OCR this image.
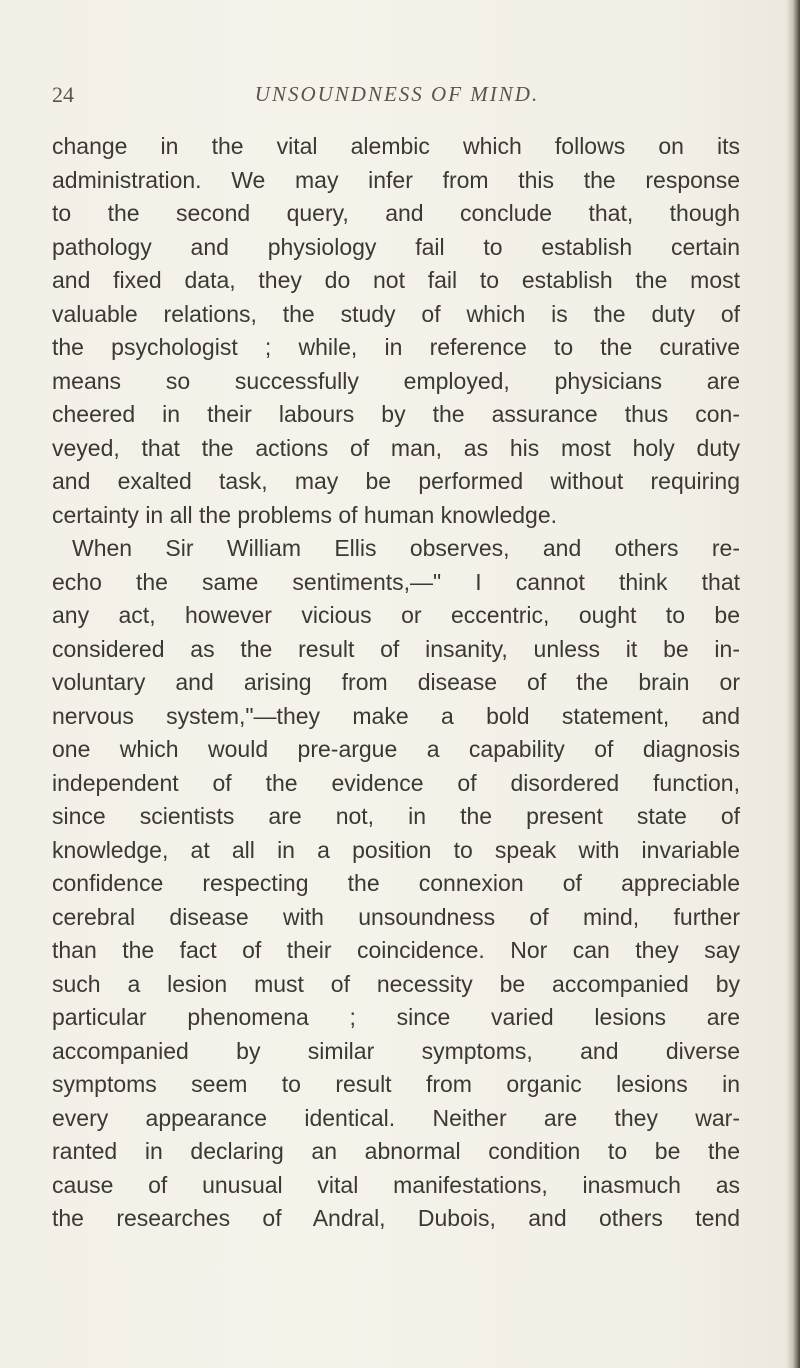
24	UNSOUNDNESS OF MIND.
change in the vital alembic which follows on its
administration. We may infer from this the response
to the second query, and conclude that, though
pathology and physiology fail to establish certain
and fixed data, they do not fail to establish the most
valuable relations, the study of which is the duty of
the psychologist ; while, in reference to the curative
means so successfully employed, physicians are
cheered in their labours by the assurance thus con-
veyed, that the actions of man, as his most holy duty
and exalted task, may be performed without requiring
certainty in all the problems of human knowledge.
When Sir William Ellis observes, and others re-
echo the same sentiments,—" I cannot think that
any act, however vicious or eccentric, ought to be
considered as the result of insanity, unless it be in-
voluntary and arising from disease of the brain or
nervous system,"—they make a bold statement, and
one which would pre-argue a capability of diagnosis
independent of the evidence of disordered function,
since scientists are not, in the present state of
knowledge, at all in a position to speak with invariable
confidence respecting the connexion of appreciable
cerebral disease with unsoundness of mind, further
than the fact of their coincidence. Nor can they say
such a lesion must of necessity be accompanied by
particular phenomena ; since varied lesions are
accompanied by similar symptoms, and diverse
symptoms seem to result from organic lesions in
every appearance identical. Neither are they war-
ranted in declaring an abnormal condition to be the
cause of unusual vital manifestations, inasmuch as
the researches of Andral, Dubois, and others tend
